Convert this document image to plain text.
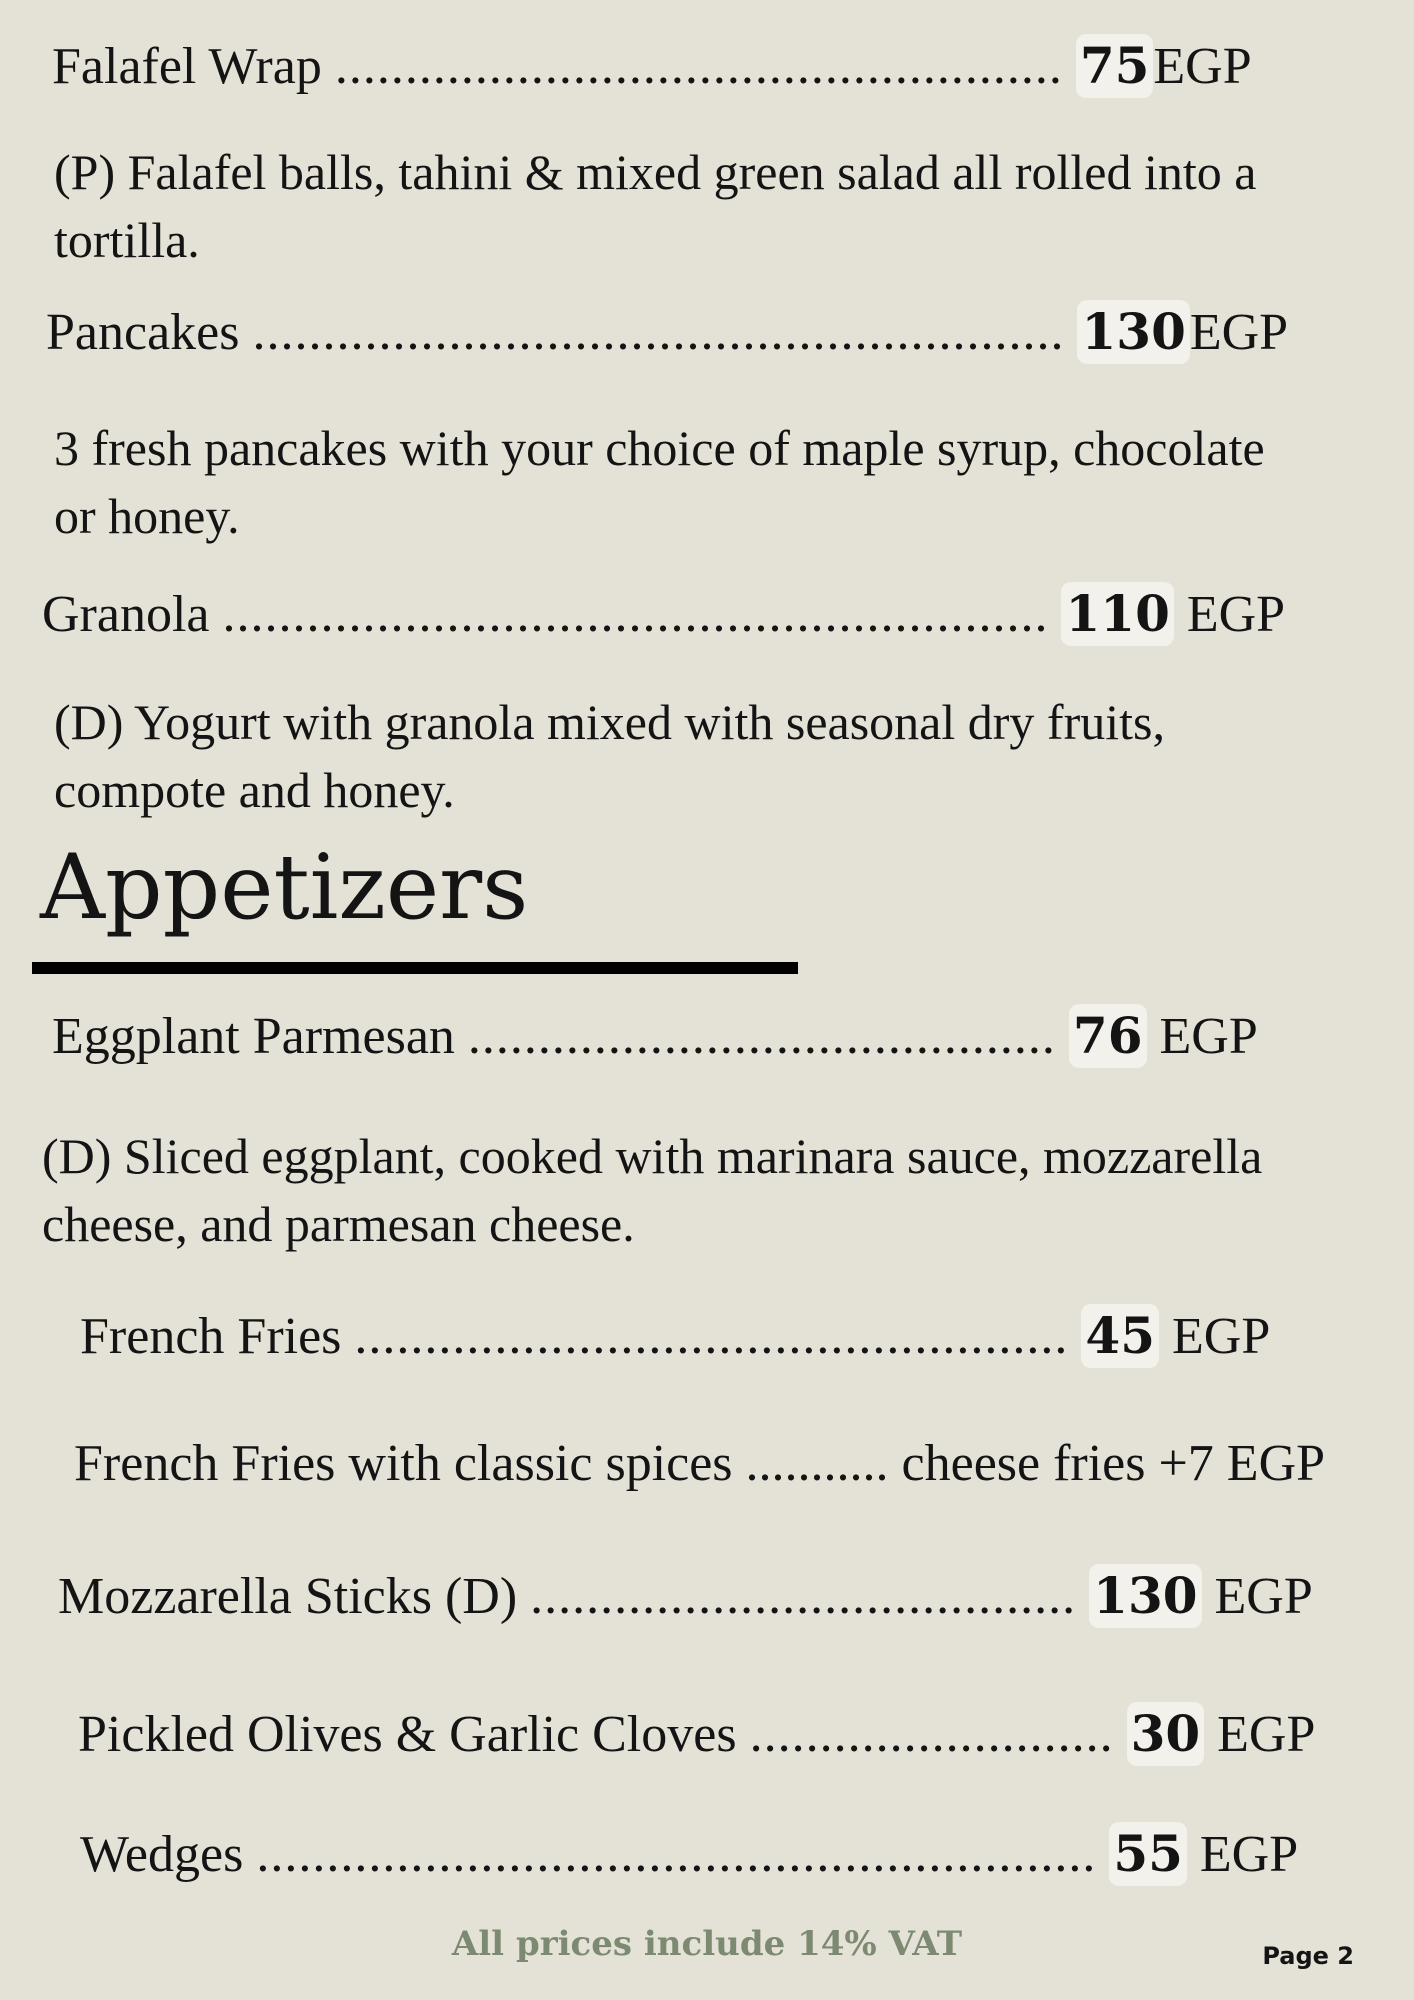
Falafel Wrap .................................................... 75EGP
(P) Falafel balls, tahini & mixed green salad all rolled into a tortilla.
Pancakes .......................................................... 130EGP
3 fresh pancakes with your choice of maple syrup, chocolate or honey.
Granola ........................................................... 110 EGP
(D) Yogurt with granola mixed with seasonal dry fruits, compote and honey.
Appetizers
Eggplant Parmesan .......................................... 76 EGP
(D) Sliced eggplant, cooked with marinara sauce, mozzarella cheese, and parmesan cheese.
French Fries ................................................... 45 EGP
French Fries with classic spices ........... cheese fries +7 EGP
Mozzarella Sticks (D) ....................................... 130 EGP
Pickled Olives & Garlic Cloves .......................... 30 EGP
Wedges ............................................................ 55 EGP
All prices include 14% VAT	Page 2
